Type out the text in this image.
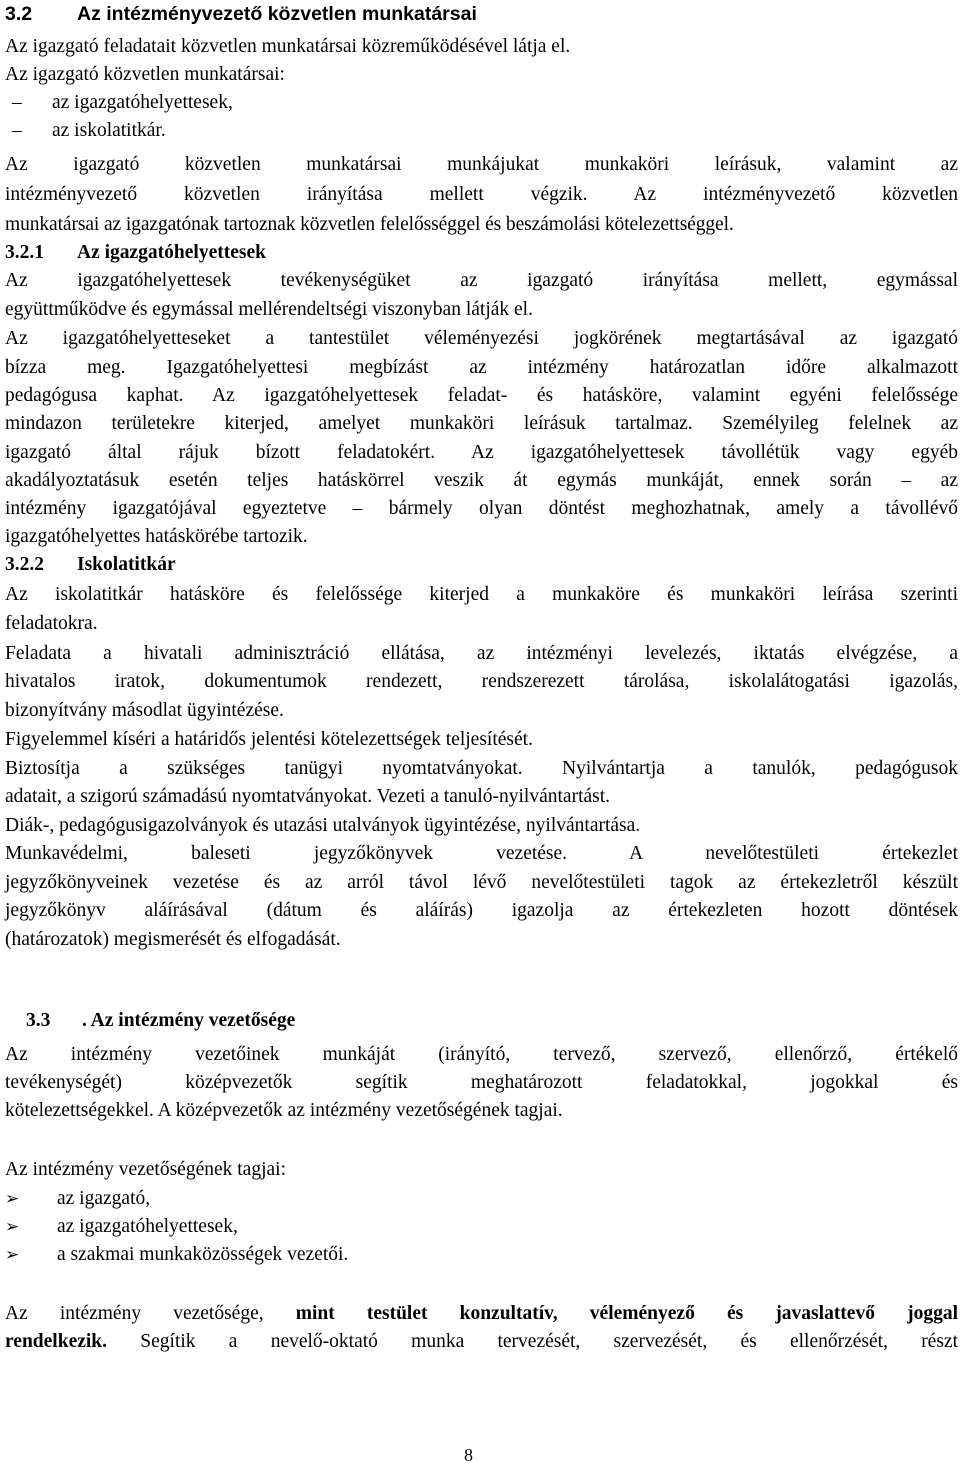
3.2 Az intézményvezető közvetlen munkatársai
Az igazgató feladatait közvetlen munkatársai közreműködésével látja el.
Az igazgató közvetlen munkatársai:
– az igazgatóhelyettesek,
– az iskolatitkár.
Az igazgató közvetlen munkatársai munkájukat munkaköri leírásuk, valamint az
intézményvezető közvetlen irányítása mellett végzik. Az intézményvezető közvetlen
munkatársai az igazgatónak tartoznak közvetlen felelősséggel és beszámolási kötelezettséggel.
3.2.1 Az igazgatóhelyettesek
Az igazgatóhelyettesek tevékenységüket az igazgató irányítása mellett, egymással
együttműködve és egymással mellérendeltségi viszonyban látják el.
Az igazgatóhelyetteseket a tantestület véleményezési jogkörének megtartásával az igazgató
bízza meg. Igazgatóhelyettesi megbízást az intézmény határozatlan időre alkalmazott
pedagógusa kaphat. Az igazgatóhelyettesek feladat- és hatásköre, valamint egyéni felelőssége
mindazon területekre kiterjed, amelyet munkaköri leírásuk tartalmaz. Személyileg felelnek az
igazgató által rájuk bízott feladatokért. Az igazgatóhelyettesek távollétük vagy egyéb
akadályoztatásuk esetén teljes hatáskörrel veszik át egymás munkáját, ennek során – az
intézmény igazgatójával egyeztetve – bármely olyan döntést meghozhatnak, amely a távollévő
igazgatóhelyettes hatáskörébe tartozik.
3.2.2 Iskolatitkár
Az iskolatitkár hatásköre és felelőssége kiterjed a munkaköre és munkaköri leírása szerinti
feladatokra.
Feladata a hivatali adminisztráció ellátása, az intézményi levelezés, iktatás elvégzése, a
hivatalos iratok, dokumentumok rendezett, rendszerezett tárolása, iskolalátogatási igazolás,
bizonyítvány másodlat ügyintézése.
Figyelemmel kíséri a határidős jelentési kötelezettségek teljesítését.
Biztosítja a szükséges tanügyi nyomtatványokat. Nyilvántartja a tanulók, pedagógusok
adatait, a szigorú számadású nyomtatványokat. Vezeti a tanuló-nyilvántartást.
Diák-, pedagógusigazolványok és utazási utalványok ügyintézése, nyilvántartása.
Munkavédelmi, baleseti jegyzőkönyvek vezetése. A nevelőtestületi értekezlet
jegyzőkönyveinek vezetése és az arról távol lévő nevelőtestületi tagok az értekezletről készült
jegyzőkönyv aláírásával (dátum és aláírás) igazolja az értekezleten hozott döntések
(határozatok) megismerését és elfogadását.
3.3 . Az intézmény vezetősége
Az intézmény vezetőinek munkáját (irányító, tervező, szervező, ellenőrző, értékelő
tevékenységét) középvezetők segítik meghatározott feladatokkal, jogokkal és
kötelezettségekkel. A középvezetők az intézmény vezetőségének tagjai.
Az intézmény vezetőségének tagjai:
➢ az igazgató,
➢ az igazgatóhelyettesek,
➢ a szakmai munkaközösségek vezetői.
Az intézmény vezetősége, mint testület konzultatív, véleményező és javaslattevő joggal
rendelkezik. Segítik a nevelő-oktató munka tervezését, szervezését, és ellenőrzését, részt
8
